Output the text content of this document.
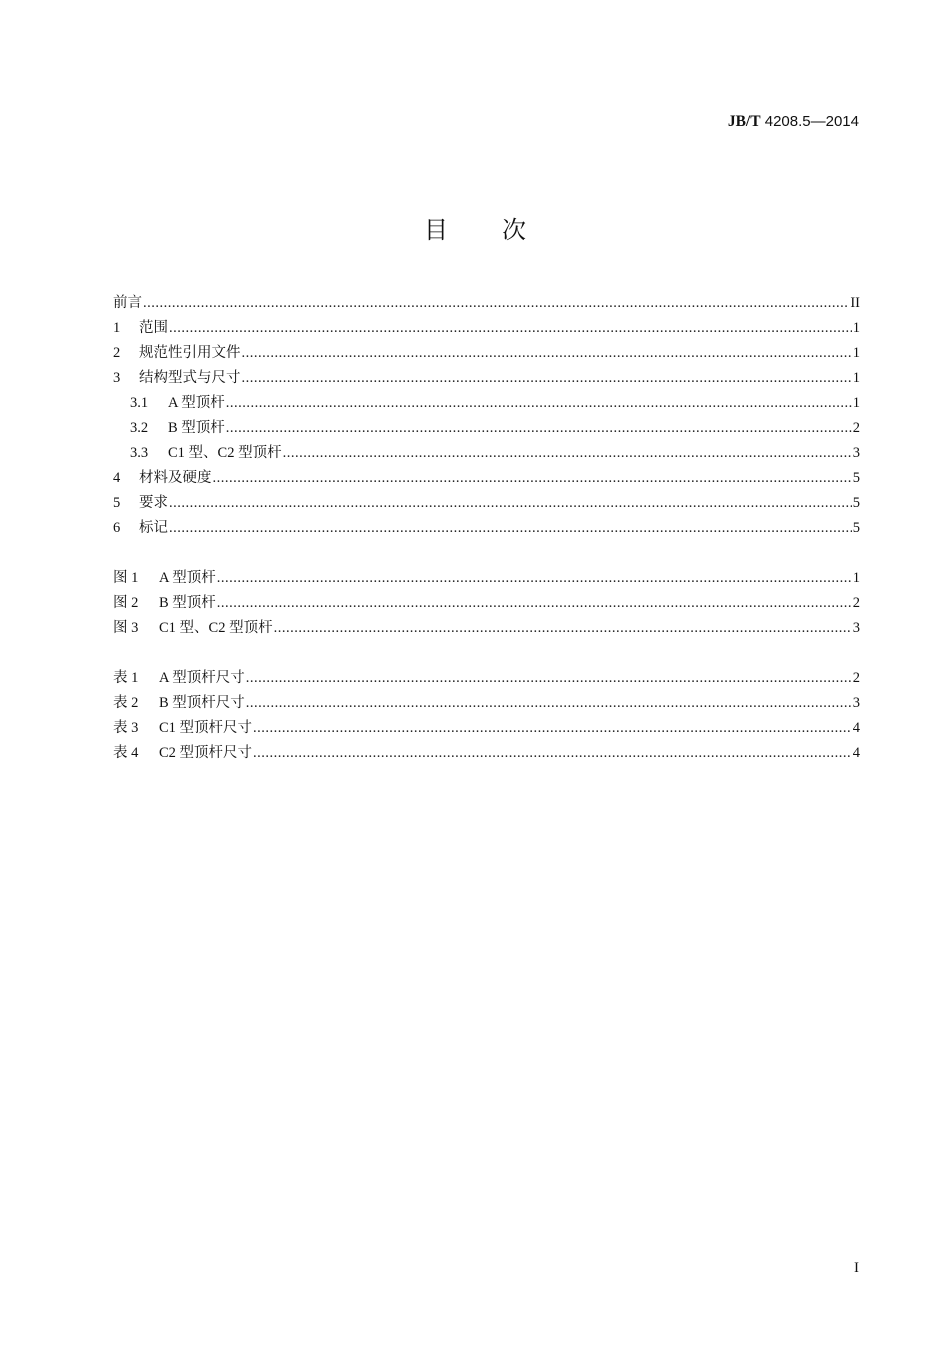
JB/T 4208.5—2014
目次
前言 .....	II
1	范围 .....	1
2	规范性引用文件 .....	1
3	结构型式与尺寸 .....	1
3.1	A 型顶杆 .....	1
3.2	B 型顶杆 .....	2
3.3	C1 型、C2 型顶杆 .....	3
4	材料及硬度 .....	5
5	要求 .....	5
6	标记 .....	5
图 1	A 型顶杆 .....	1
图 2	B 型顶杆 .....	2
图 3	C1 型、C2 型顶杆 .....	3
表 1	A 型顶杆尺寸 .....	2
表 2	B 型顶杆尺寸 .....	3
表 3	C1 型顶杆尺寸 .....	4
表 4	C2 型顶杆尺寸 .....	4
I
